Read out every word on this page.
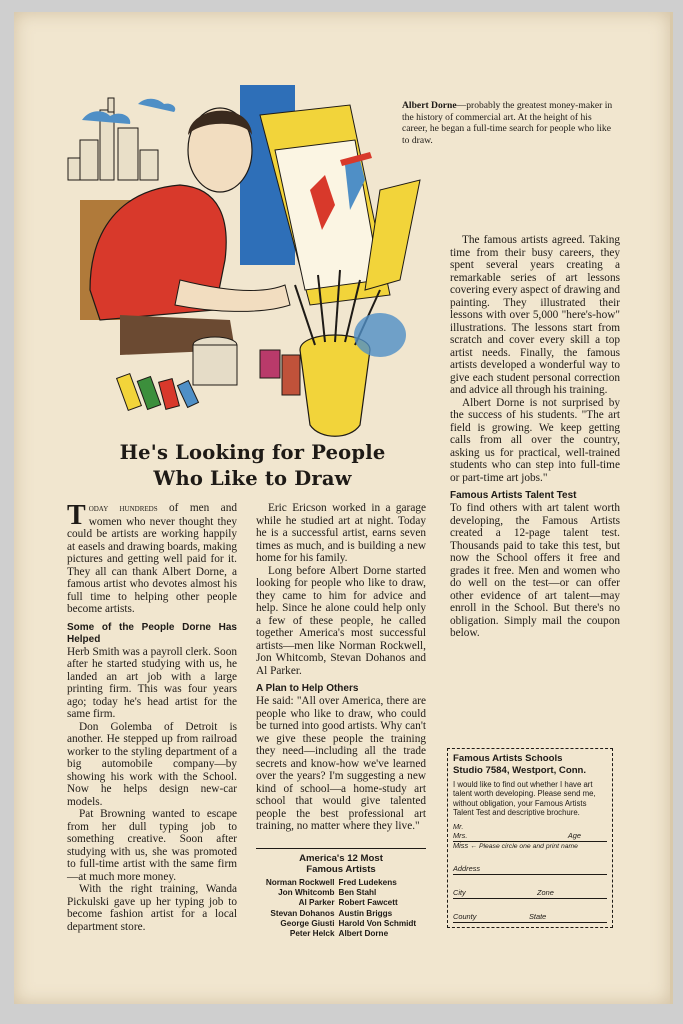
Albert Dorne—probably the greatest money-maker in the history of commercial art. At the height of his career, he began a full-time search for people who like to draw.
He's Looking for People
Who Like to Draw

Today hundreds of men and women who never thought they could be artists are working happily at easels and drawing boards, making pictures and getting well paid for it. They all can thank Albert Dorne, a famous artist who devotes almost his full time to helping other people become artists.

Some of the People Dorne Has Helped

Herb Smith was a payroll clerk. Soon after he started studying with us, he landed an art job with a large printing firm. This was four years ago; today he's head artist for the same firm.

Don Golemba of Detroit is another. He stepped up from railroad worker to the styling department of a big automobile company—by showing his work with the School. Now he helps design new-car models.

Pat Browning wanted to escape from her dull typing job to something creative. Soon after studying with us, she was promoted to full-time artist with the same firm—at much more money.

With the right training, Wanda Pickulski gave up her typing job to become fashion artist for a local department store.

Eric Ericson worked in a garage while he studied art at night. Today he is a successful artist, earns seven times as much, and is building a new home for his family.

Long before Albert Dorne started looking for people who like to draw, they came to him for advice and help. Since he alone could help only a few of these people, he called together America's most successful artists—men like Norman Rockwell, Jon Whitcomb, Stevan Dohanos and Al Parker.

A Plan to Help Others

He said: "All over America, there are people who like to draw, who could be turned into good artists. Why can't we give these people the training they need—including all the trade secrets and know-how we've learned over the years? I'm suggesting a new kind of school—a home-study art school that would give talented people the best professional art training, no matter where they live."

The famous artists agreed. Taking time from their busy careers, they spent several years creating a remarkable series of art lessons covering every aspect of drawing and painting. They illustrated their lessons with over 5,000 "here's-how" illustrations. The lessons start from scratch and cover every skill a top artist needs. Finally, the famous artists developed a wonderful way to give each student personal correction and advice all through his training.

Albert Dorne is not surprised by the success of his students. "The art field is growing. We keep getting calls from all over the country, asking us for practical, well-trained students who can step into full-time or part-time art jobs."

Famous Artists Talent Test

To find others with art talent worth developing, the Famous Artists created a 12-page talent test. Thousands paid to take this test, but now the School offers it free and grades it free. Men and women who do well on the test—or can offer other evidence of art talent—may enroll in the School. But there's no obligation. Simply mail the coupon below.

America's 12 Most
Famous Artists
Norman Rockwell	Fred Ludekens
Jon Whitcomb	Ben Stahl
Al Parker	Robert Fawcett
Stevan Dohanos	Austin Briggs
George Giusti	Harold Von Schmidt
Peter Helck	Albert Dorne
Famous Artists Schools
Studio 7584, Westport, Conn.
I would like to find out whether I have art talent worth developing. Please send me, without obligation, your Famous Artists Talent Test and descriptive brochure.
Mr.
Mrs.	Age
Miss ← Please circle one and print name
Address
City	Zone
County	State
